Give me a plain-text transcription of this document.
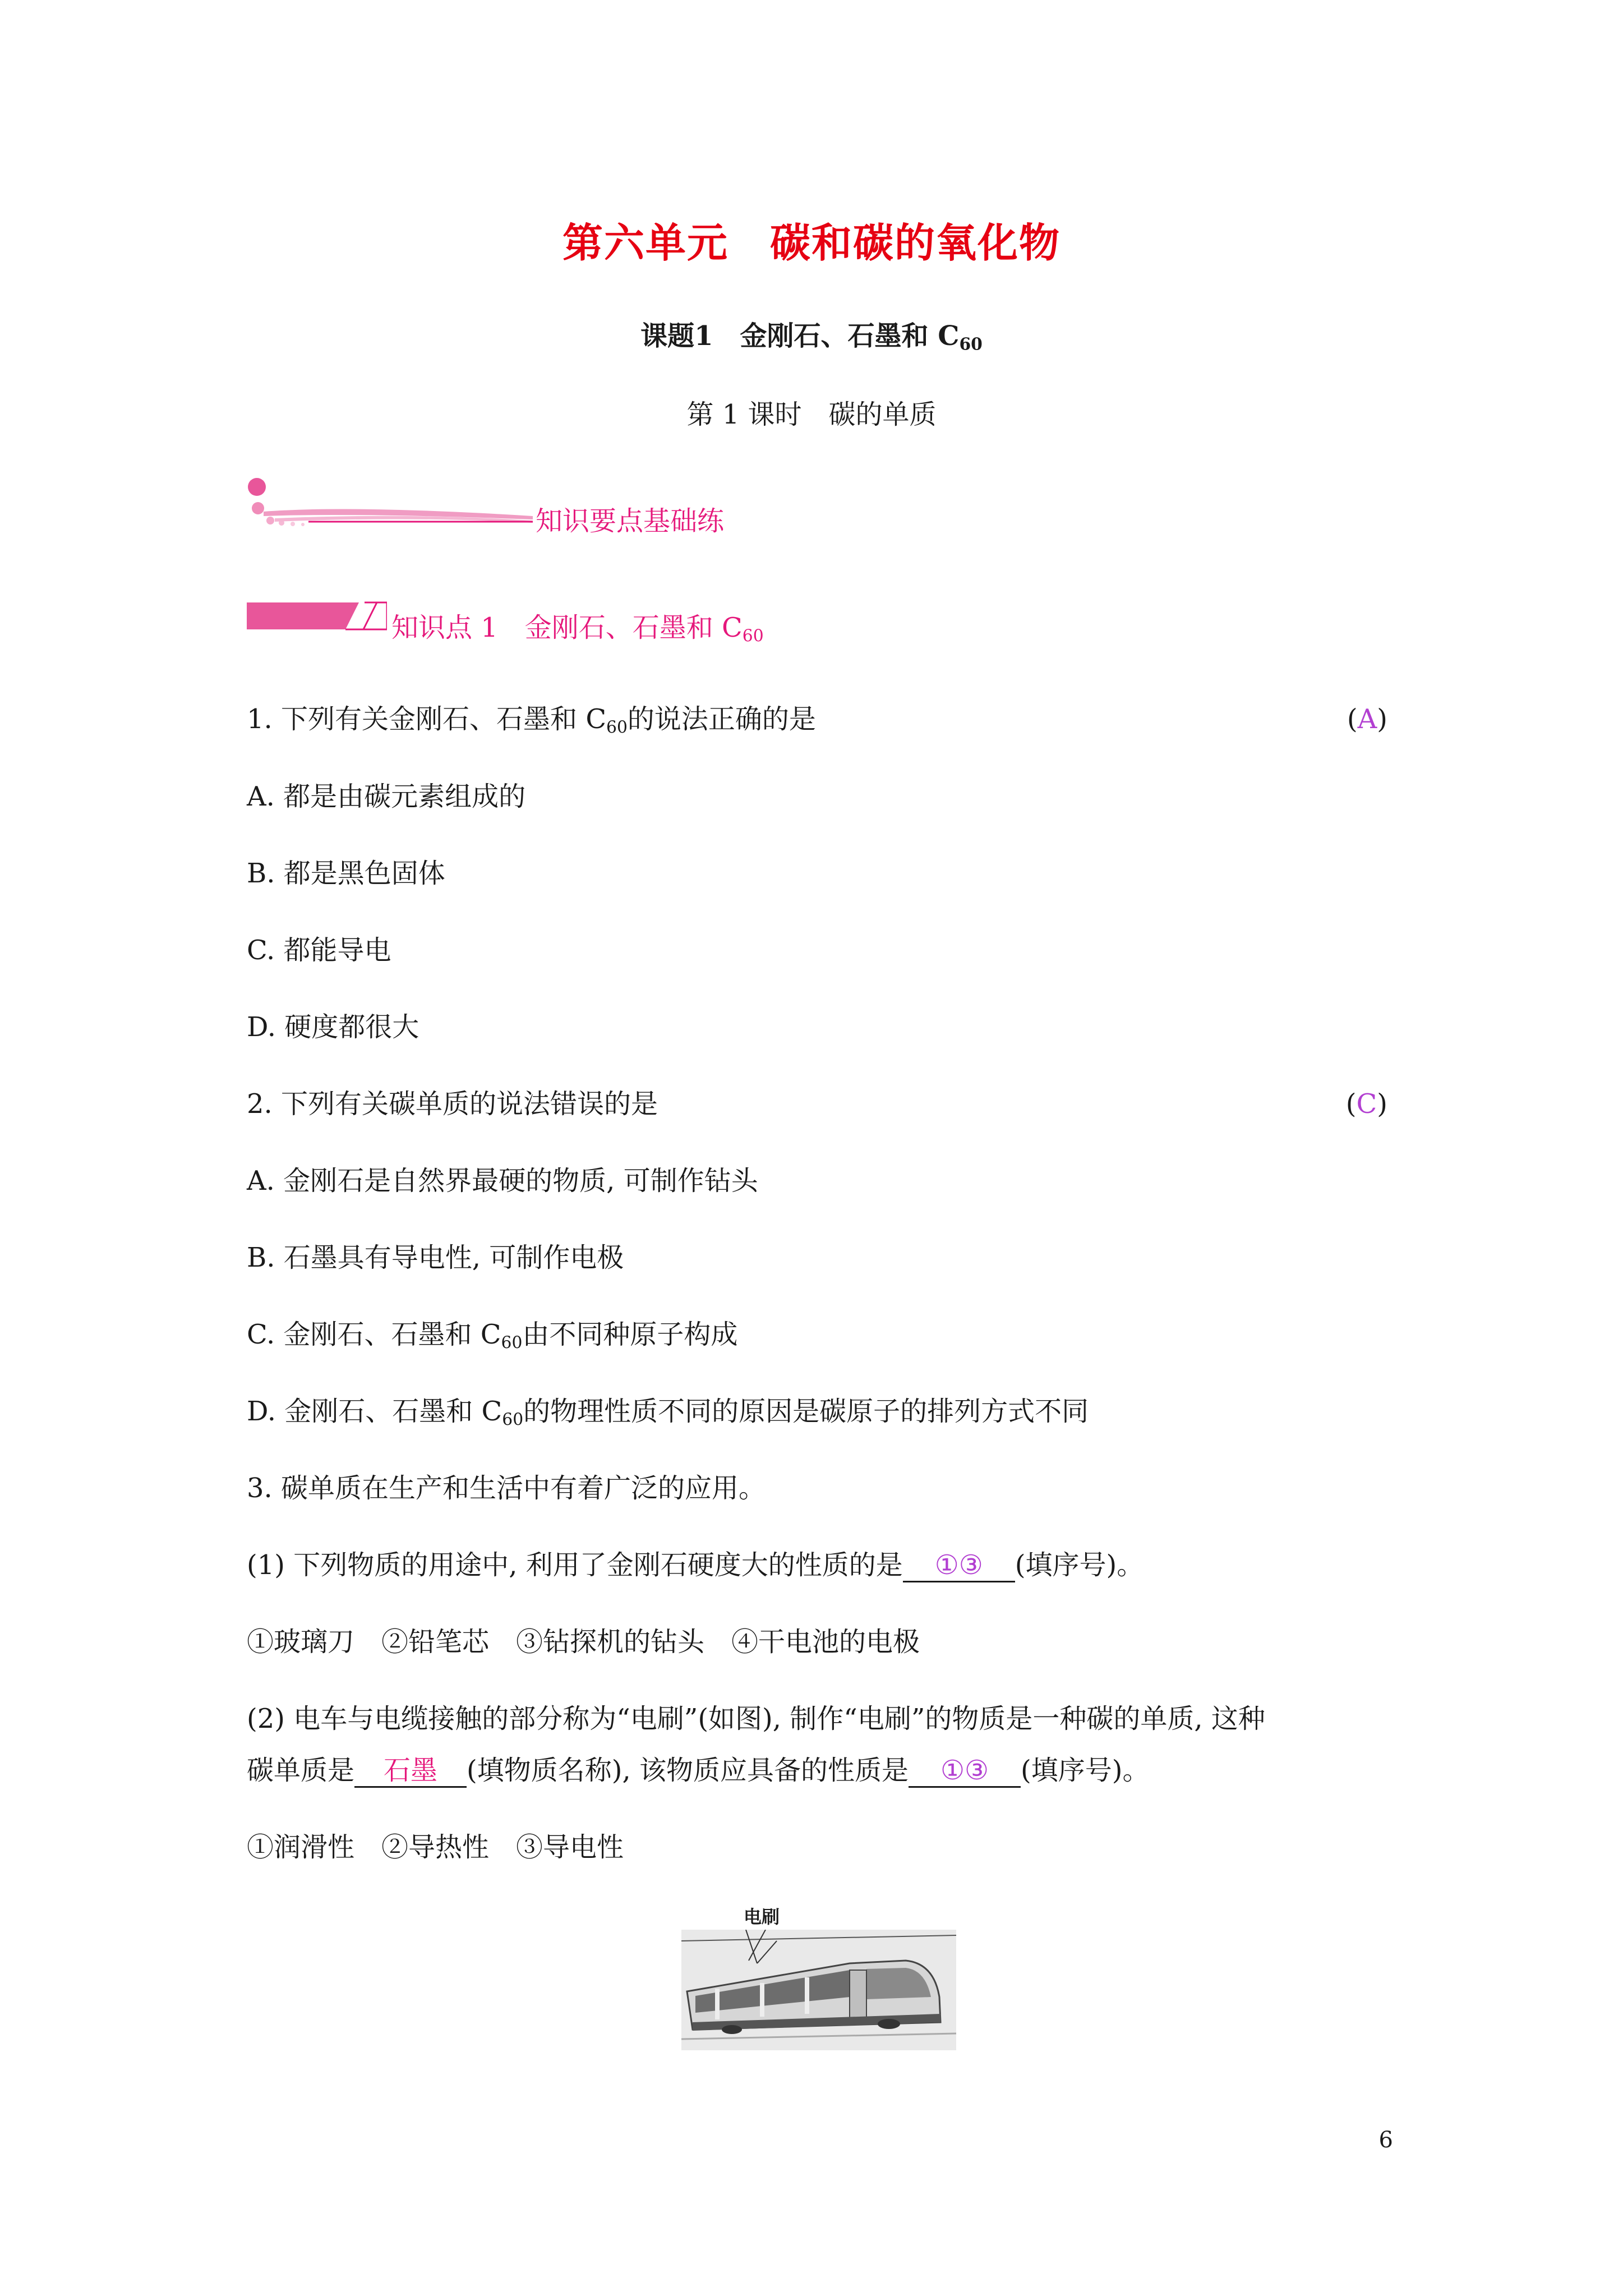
第六单元　碳和碳的氧化物
课题1　金刚石、石墨和 $C_{60}$
第 1 课时　碳的单质
知识要点基础练
知识点 1　金刚石、石墨和 $C_{60}$
1. 下列有关金刚石、石墨和 $C_{60}$的说法正确的是	(A)
A. 都是由碳元素组成的
B. 都是黑色固体
C. 都能导电
D. 硬度都很大
2. 下列有关碳单质的说法错误的是	(C)
A. 金刚石是自然界最硬的物质, 可制作钻头
B. 石墨具有导电性, 可制作电极
C. 金刚石、石墨和 $C_{60}$由不同种原子构成
D. 金刚石、石墨和 $C_{60}$的物理性质不同的原因是碳原子的排列方式不同
3. 碳单质在生产和生活中有着广泛的应用。
(1) 下列物质的用途中, 利用了金刚石硬度大的性质的是 ①③ (填序号)。
①玻璃刀　②铅笔芯　③钻探机的钻头　④干电池的电极
(2) 电车与电缆接触的部分称为“电刷”(如图), 制作“电刷”的物质是一种碳的单质, 这种
碳单质是 石墨 (填物质名称), 该物质应具备的性质是 ①③ (填序号)。
①润滑性　②导热性　③导电性
电刷
6
